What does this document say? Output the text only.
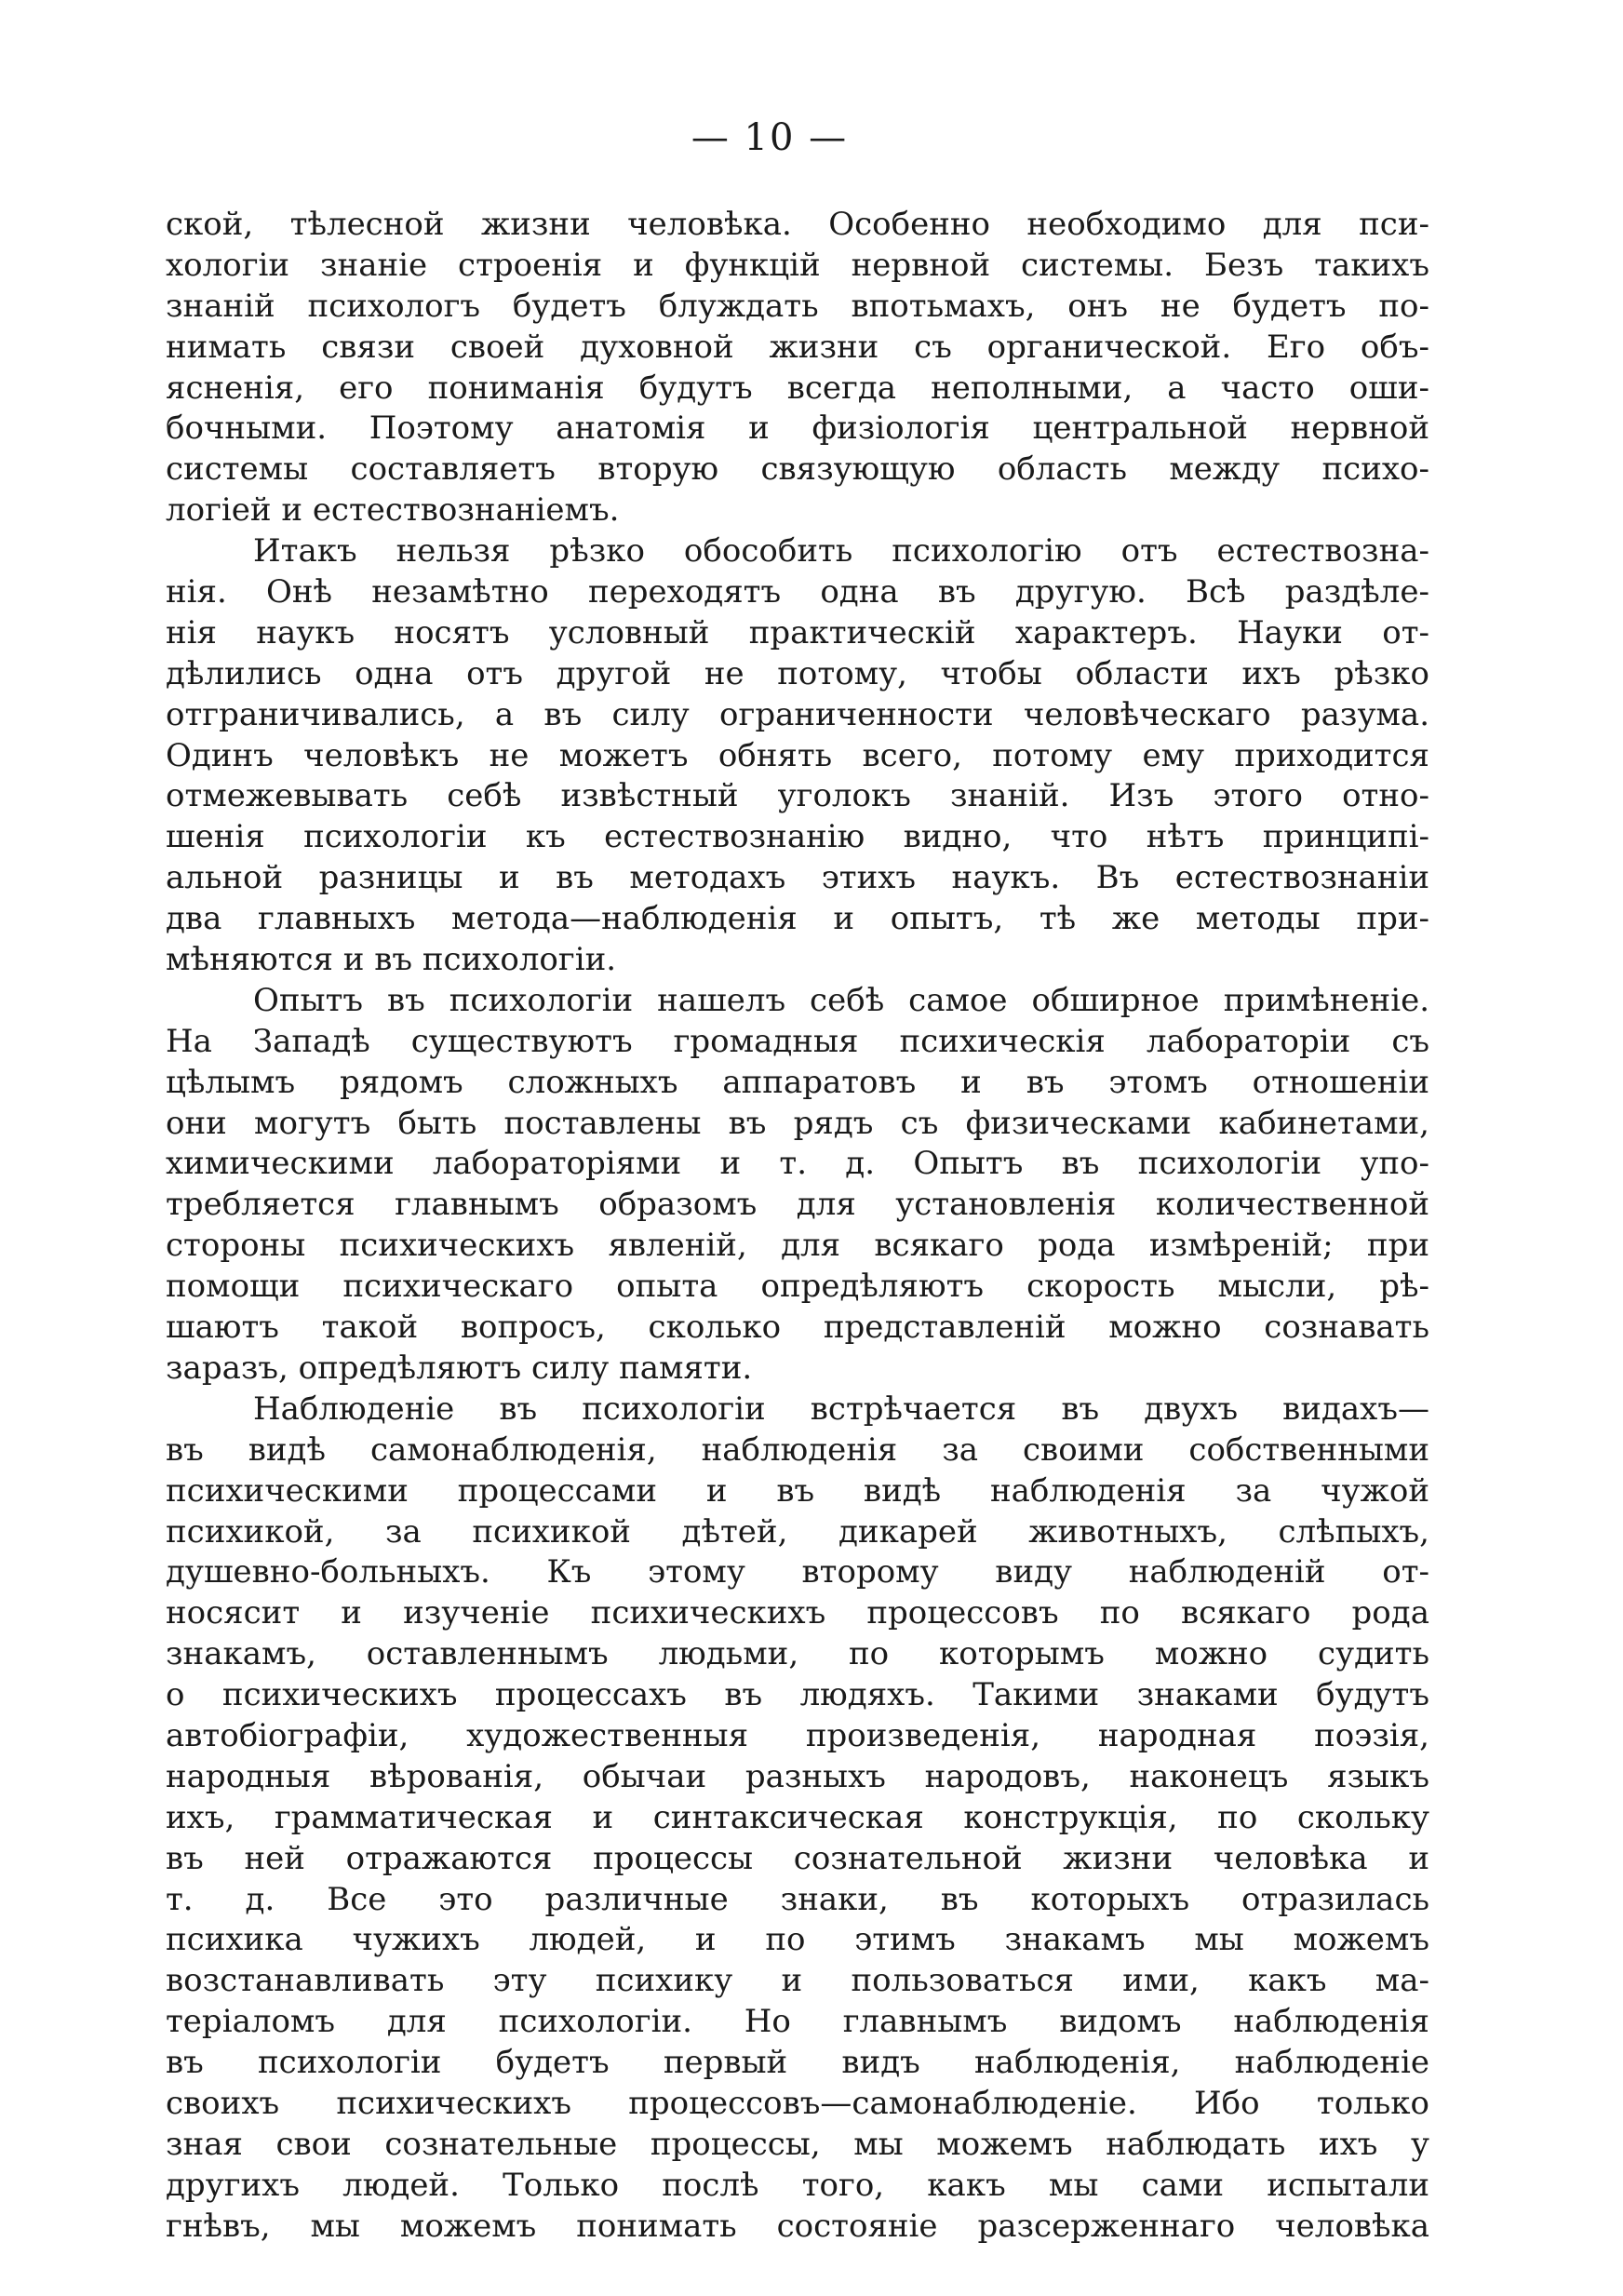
— 10 —
ской, тѣлесной жизни человѣка. Особенно необходимо для пси-
хологіи знаніе строенія и функцій нервной системы. Безъ такихъ
знаній психологъ будетъ блуждать впотьмахъ, онъ не будетъ по-
нимать связи своей духовной жизни съ органической. Его объ-
ясненія, его пониманія будутъ всегда неполными, а часто оши-
бочными. Поэтому анатомія и физіологія центральной нервной
системы составляетъ вторую связующую область между психо-
логіей и естествознаніемъ.
Итакъ нельзя рѣзко обособить психологію отъ естествозна-
нія. Онѣ незамѣтно переходятъ одна въ другую. Всѣ раздѣле-
нія наукъ носятъ условный практическій характеръ. Науки от-
дѣлились одна отъ другой не потому, чтобы области ихъ рѣзко
отграничивались, а въ силу ограниченности человѣческаго разума.
Одинъ человѣкъ не можетъ обнять всего, потому ему приходится
отмежевывать себѣ извѣстный уголокъ знаній. Изъ этого отно-
шенія психологіи къ естествознанію видно, что нѣтъ принципі-
альной разницы и въ методахъ этихъ наукъ. Въ естествознаніи
два главныхъ метода—наблюденія и опытъ, тѣ же методы при-
мѣняются и въ психологіи.
Опытъ въ психологіи нашелъ себѣ самое обширное примѣненіе.
На Западѣ существуютъ громадныя психическія лабораторіи съ
цѣлымъ рядомъ сложныхъ аппаратовъ и въ этомъ отношеніи
они могутъ быть поставлены въ рядъ съ физическами кабинетами,
химическими лабораторіями и т. д. Опытъ въ психологіи упо-
требляется главнымъ образомъ для установленія количественной
стороны психическихъ явленій, для всякаго рода измѣреній; при
помощи психическаго опыта опредѣляютъ скорость мысли, рѣ-
шаютъ такой вопросъ, сколько представленій можно сознавать
заразъ, опредѣляютъ силу памяти.
Наблюденіе въ психологіи встрѣчается въ двухъ видахъ—
въ видѣ самонаблюденія, наблюденія за своими собственными
психическими процессами и въ видѣ наблюденія за чужой
психикой, за психикой дѣтей, дикарей животныхъ, слѣпыхъ,
душевно-больныхъ. Къ этому второму виду наблюденій от-
носясит и изученіе психическихъ процессовъ по всякаго рода
знакамъ, оставленнымъ людьми, по которымъ можно судить
о психическихъ процессахъ въ людяхъ. Такими знаками будутъ
автобіографіи, художественныя произведенія, народная поэзія,
народныя вѣрованія, обычаи разныхъ народовъ, наконецъ языкъ
ихъ, грамматическая и синтаксическая конструкція, по скольку
въ ней отражаются процессы сознательной жизни человѣка и
т. д. Все это различные знаки, въ которыхъ отразилась
психика чужихъ людей, и по этимъ знакамъ мы можемъ
возстанавливать эту психику и пользоваться ими, какъ ма-
теріаломъ для психологіи. Но главнымъ видомъ наблюденія
въ психологіи будетъ первый видъ наблюденія, наблюденіе
своихъ психическихъ процессовъ—самонаблюденіе. Ибо только
зная свои сознательные процессы, мы можемъ наблюдать ихъ у
другихъ людей. Только послѣ того, какъ мы сами испытали
гнѣвъ, мы можемъ понимать состояніе разсерженнаго человѣка
